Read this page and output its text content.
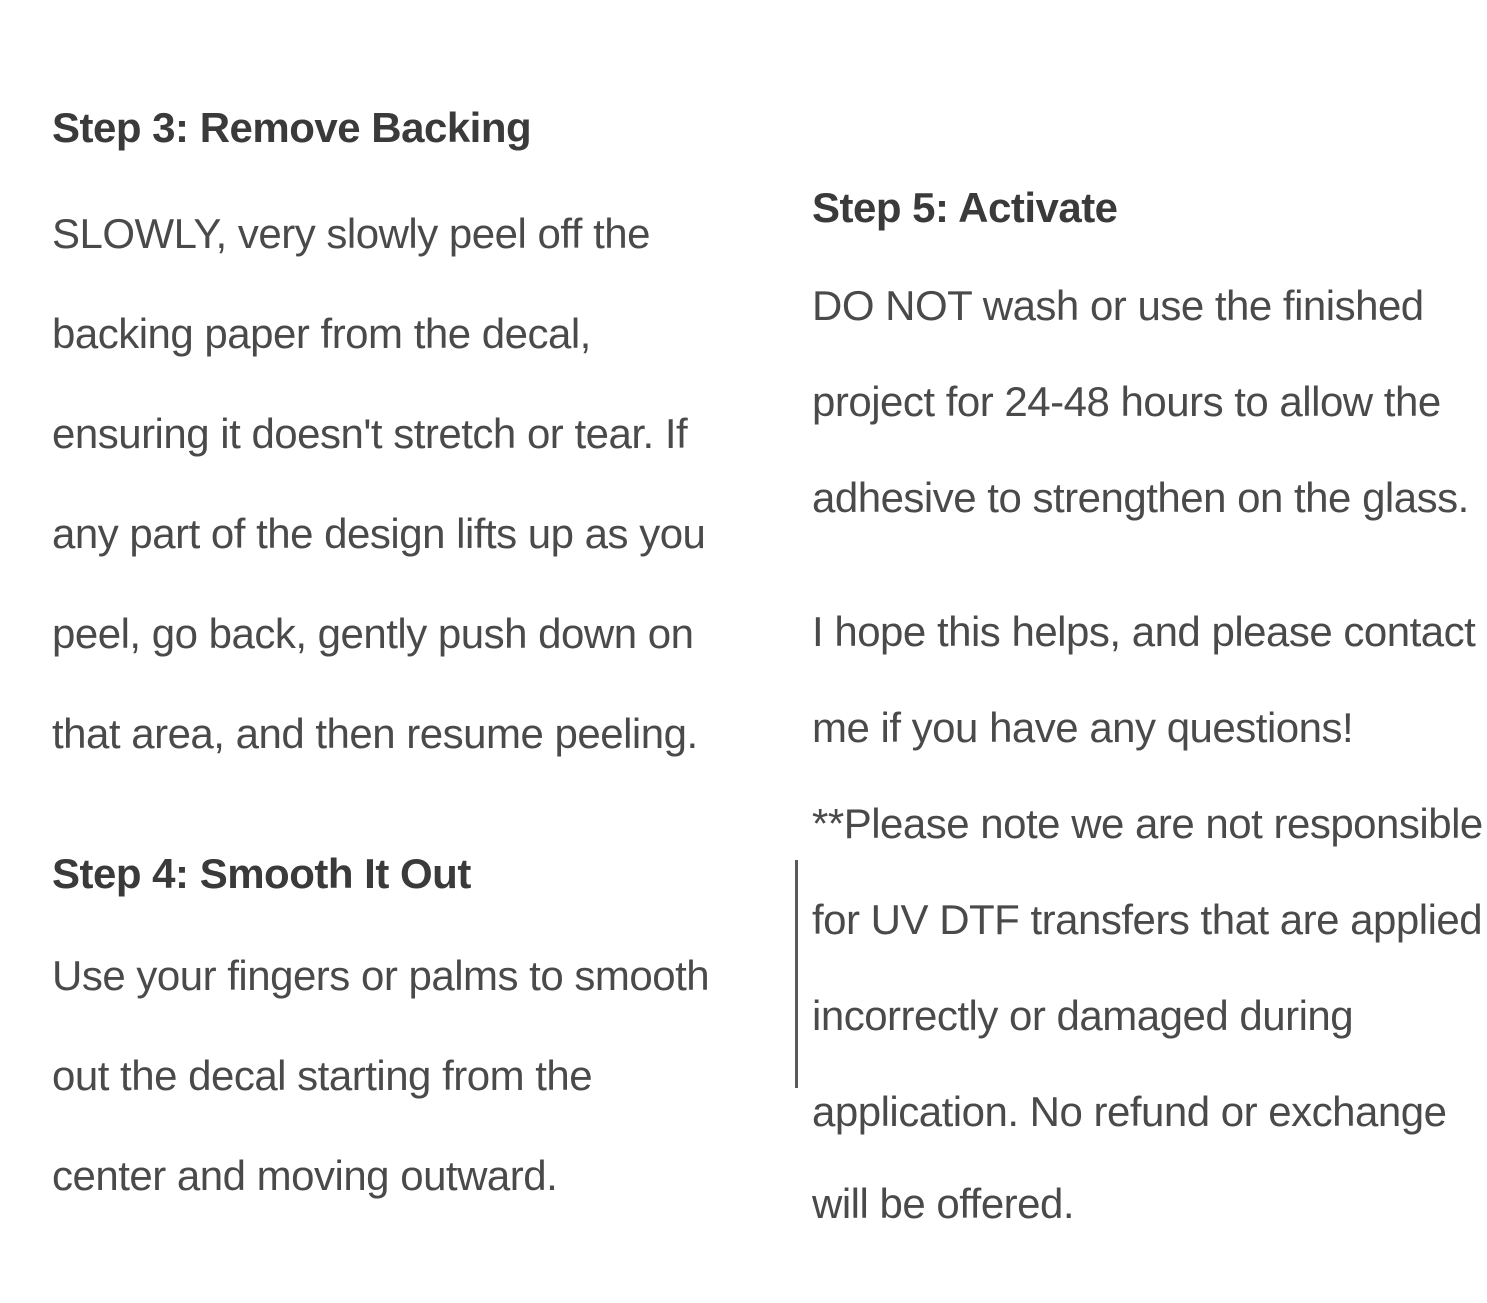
Step 3: Remove Backing

SLOWLY, very slowly peel off the

backing paper from the decal,

ensuring it doesn't stretch or tear. If

any part of the design lifts up as you

peel, go back, gently push down on

that area, and then resume peeling.

Step 4: Smooth It Out

Use your fingers or palms to smooth

out the decal starting from the

center and moving outward.

Step 5: Activate

DO NOT wash or use the finished

project for 24-48 hours to allow the

adhesive to strengthen on the glass.

I hope this helps, and please contact

me if you have any questions!

**Please note we are not responsible

for UV DTF transfers that are applied

incorrectly or damaged during

application. No refund or exchange

will be offered.
